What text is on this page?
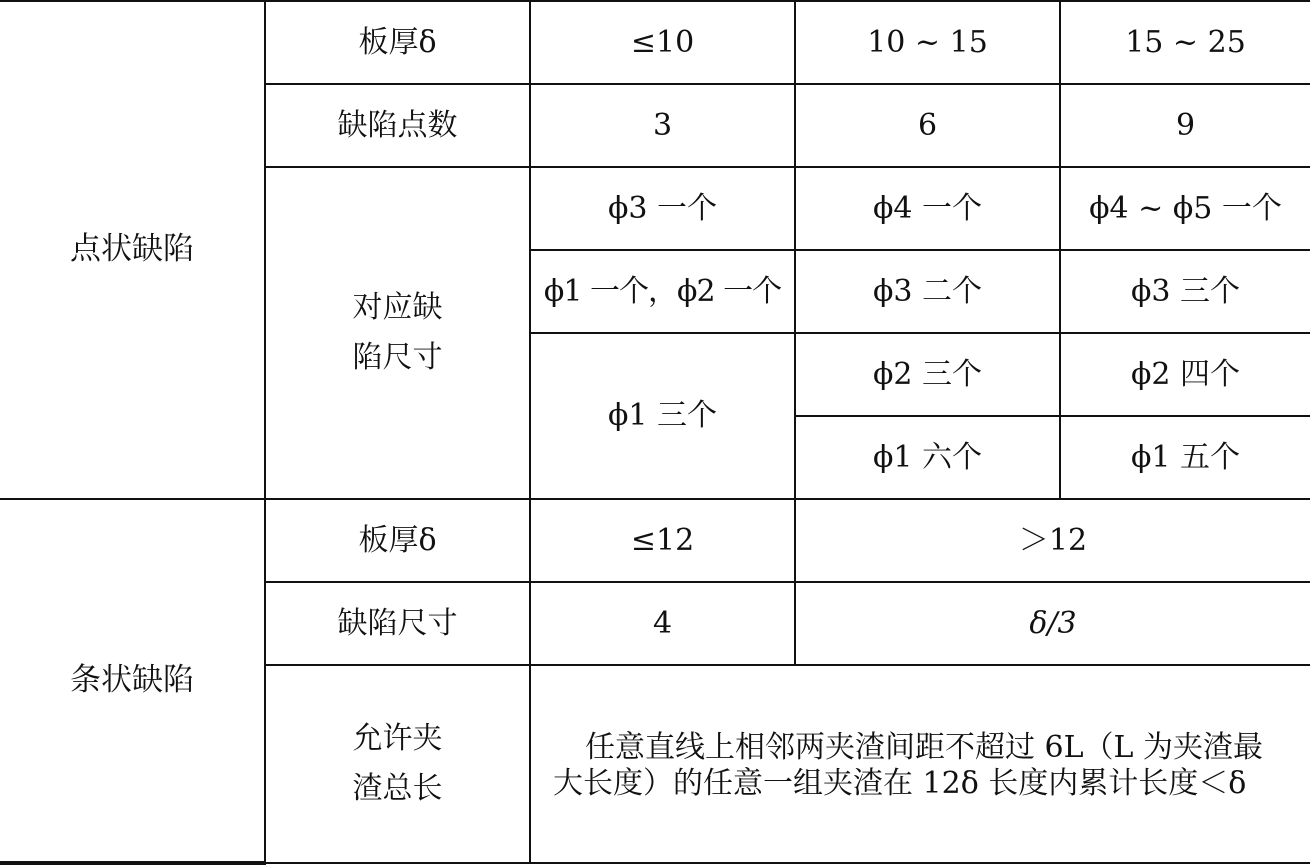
点状缺陷	板厚δ	≤10	10 ~ 15	15 ~ 25
	缺陷点数	3	6	9

	对应缺
陷尺寸	ϕ3 一个	ϕ4 一个	ϕ4 ~ ϕ5 一个
		ϕ1 一个，ϕ2 一个	ϕ3 二个	ϕ3 三个
		ϕ1 三个	ϕ2 三个	ϕ2 四个
			ϕ1 六个	ϕ1 五个
条状缺陷	板厚δ	≤12	＞12	
	缺陷尺寸	4	δ/3	

	允许夹
渣总长	任意直线上相邻两夹渣间距不超过 6L（L 为夹渣最大长度）的任意一组夹渣在 12δ 长度内累计长度＜δ		
